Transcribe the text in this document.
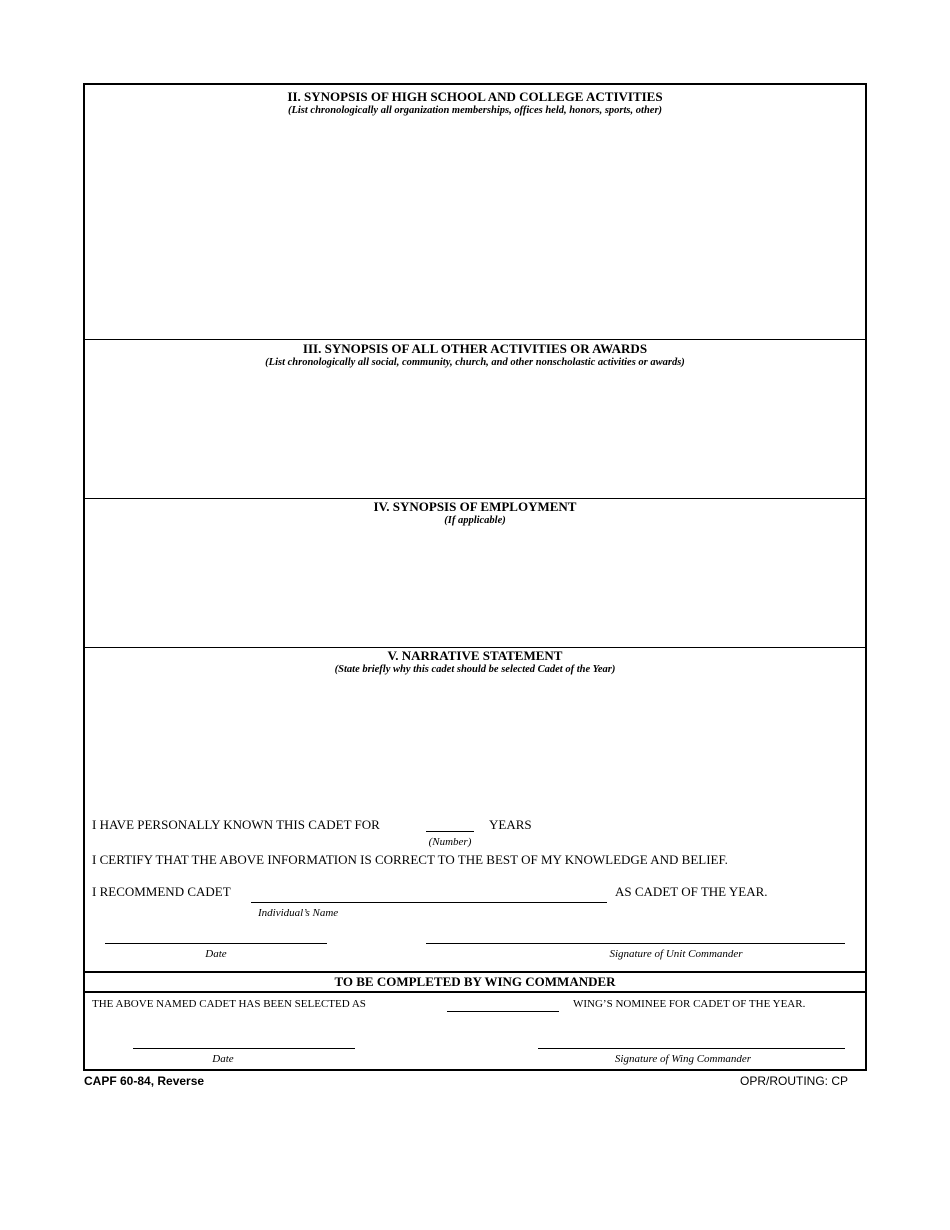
II. SYNOPSIS OF HIGH SCHOOL AND COLLEGE ACTIVITIES
(List chronologically all organization memberships, offices held, honors, sports, other)
III. SYNOPSIS OF ALL OTHER ACTIVITIES OR AWARDS
(List chronologically all social, community, church, and other nonscholastic activities or awards)
IV. SYNOPSIS OF EMPLOYMENT
(If applicable)
V. NARRATIVE STATEMENT
(State briefly why this cadet should be selected Cadet of the Year)
I HAVE PERSONALLY KNOWN THIS CADET FOR	YEARS
(Number)
I CERTIFY THAT THE ABOVE INFORMATION IS CORRECT TO THE BEST OF MY KNOWLEDGE AND BELIEF.
I RECOMMEND CADET	AS CADET OF THE YEAR.
Individual’s Name
Date	Signature of Unit Commander
TO BE COMPLETED BY WING COMMANDER
THE ABOVE NAMED CADET HAS BEEN SELECTED AS	WING’S NOMINEE FOR CADET OF THE YEAR.
Date	Signature of Wing Commander
CAPF 60-84, Reverse	OPR/ROUTING: CP
